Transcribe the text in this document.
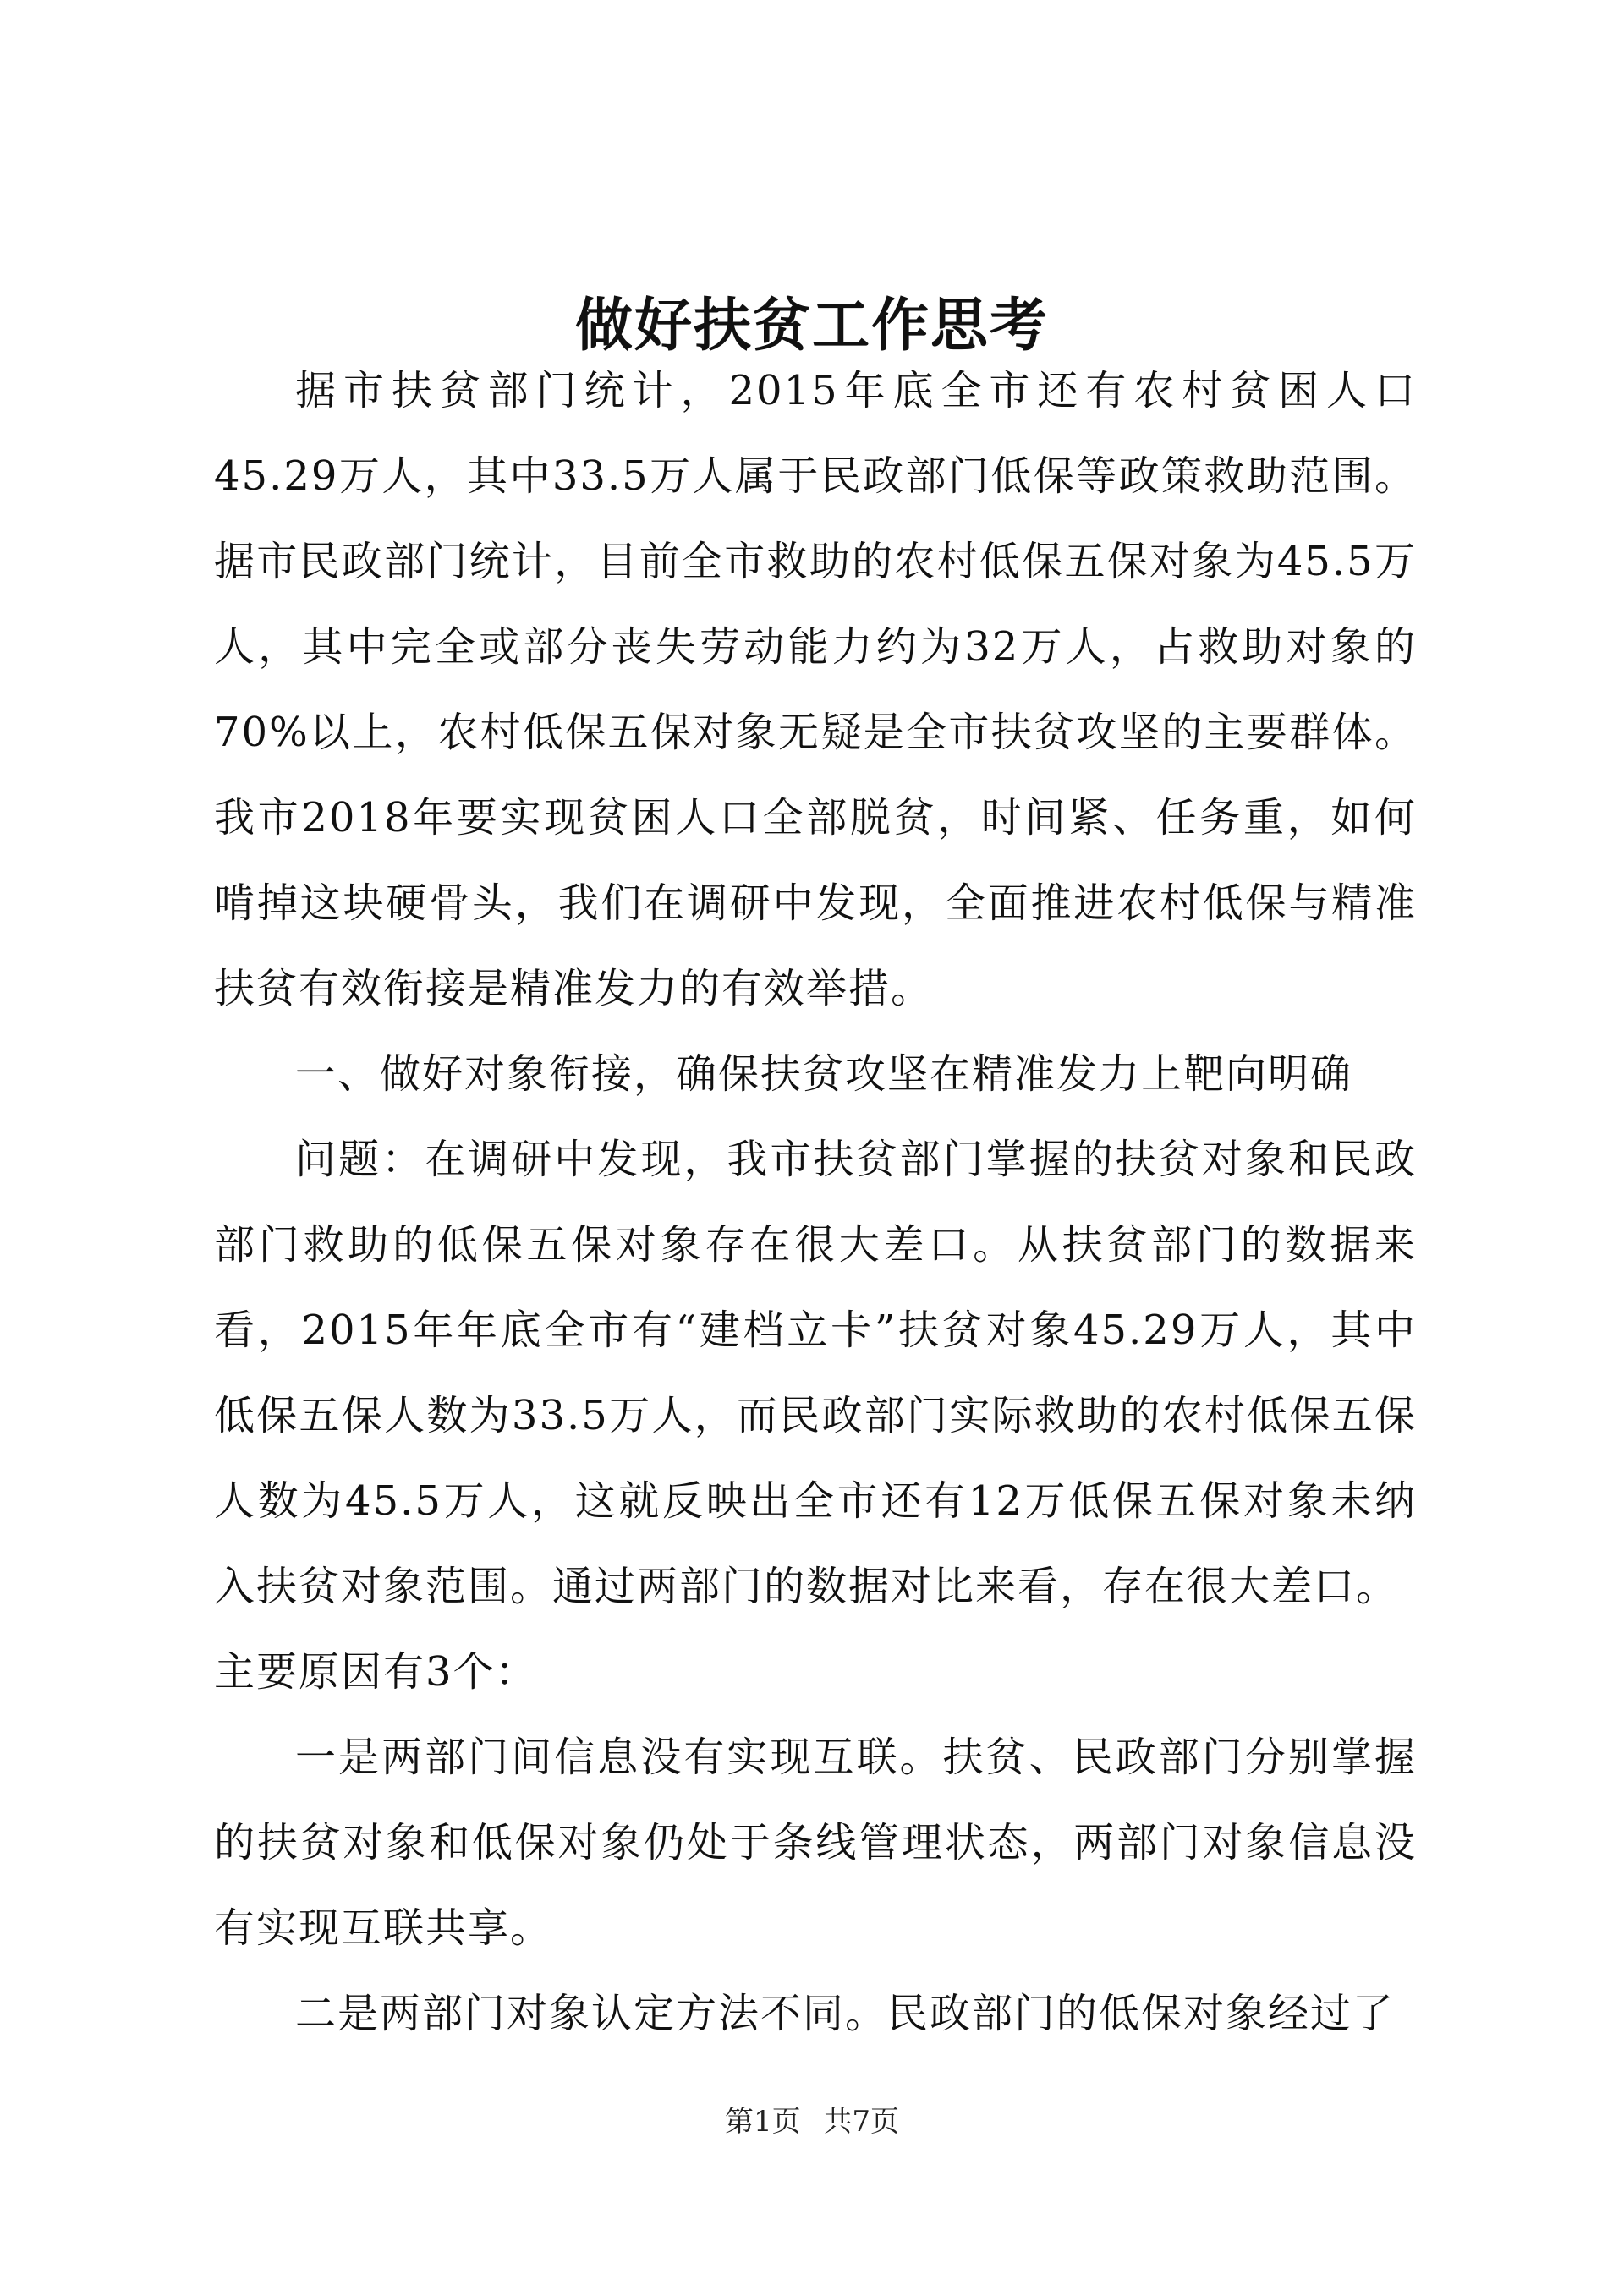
做好扶贫工作思考

据市扶贫部门统计，2015年底全市还有农村贫困人口45.29万人，其中33.5万人属于民政部门低保等政策救助范围。据市民政部门统计，目前全市救助的农村低保五保对象为45.5万人，其中完全或部分丧失劳动能力约为32万人，占救助对象的70%以上，农村低保五保对象无疑是全市扶贫攻坚的主要群体。我市2018年要实现贫困人口全部脱贫，时间紧、任务重，如何啃掉这块硬骨头，我们在调研中发现，全面推进农村低保与精准扶贫有效衔接是精准发力的有效举措。

一、做好对象衔接，确保扶贫攻坚在精准发力上靶向明确

问题：在调研中发现，我市扶贫部门掌握的扶贫对象和民政部门救助的低保五保对象存在很大差口。从扶贫部门的数据来看，2015年年底全市有“建档立卡”扶贫对象45.29万人，其中低保五保人数为33.5万人，而民政部门实际救助的农村低保五保人数为45.5万人，这就反映出全市还有12万低保五保对象未纳入扶贫对象范围。通过两部门的数据对比来看，存在很大差口。

主要原因有3个：

一是两部门间信息没有实现互联。扶贫、民政部门分别掌握的扶贫对象和低保对象仍处于条线管理状态，两部门对象信息没有实现互联共享。

二是两部门对象认定方法不同。民政部门的低保对象经过了

第1页 共7页
